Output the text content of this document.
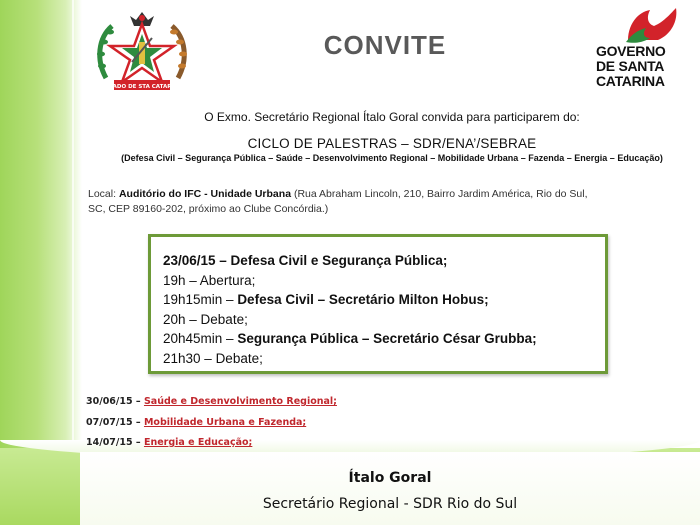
ESTADO DE STA CATARINA
CONVITE	GOVERNO
DE SANTA
CATARINA
O Exmo. Secretário Regional Ítalo Goral convida para participarem do:
CICLO DE PALESTRAS – SDR/ENA’/SEBRAE
(Defesa Civil – Segurança Pública – Saúde – Desenvolvimento Regional – Mobilidade Urbana – Fazenda – Energia – Educação)
Local: Auditório do IFC - Unidade Urbana (Rua Abraham Lincoln, 210, Bairro Jardim América, Rio do Sul,
SC, CEP 89160-202, próximo ao Clube Concórdia.)
23/06/15 – Defesa Civil e Segurança Pública;
19h – Abertura;
19h15min – Defesa Civil – Secretário Milton Hobus;
20h – Debate;
20h45min – Segurança Pública – Secretário César Grubba;
21h30 – Debate;
30/06/15 – Saúde e Desenvolvimento Regional;
07/07/15 – Mobilidade Urbana e Fazenda;
14/07/15 – Energia e Educação;
Ítalo Goral
Secretário Regional - SDR Rio do Sul
